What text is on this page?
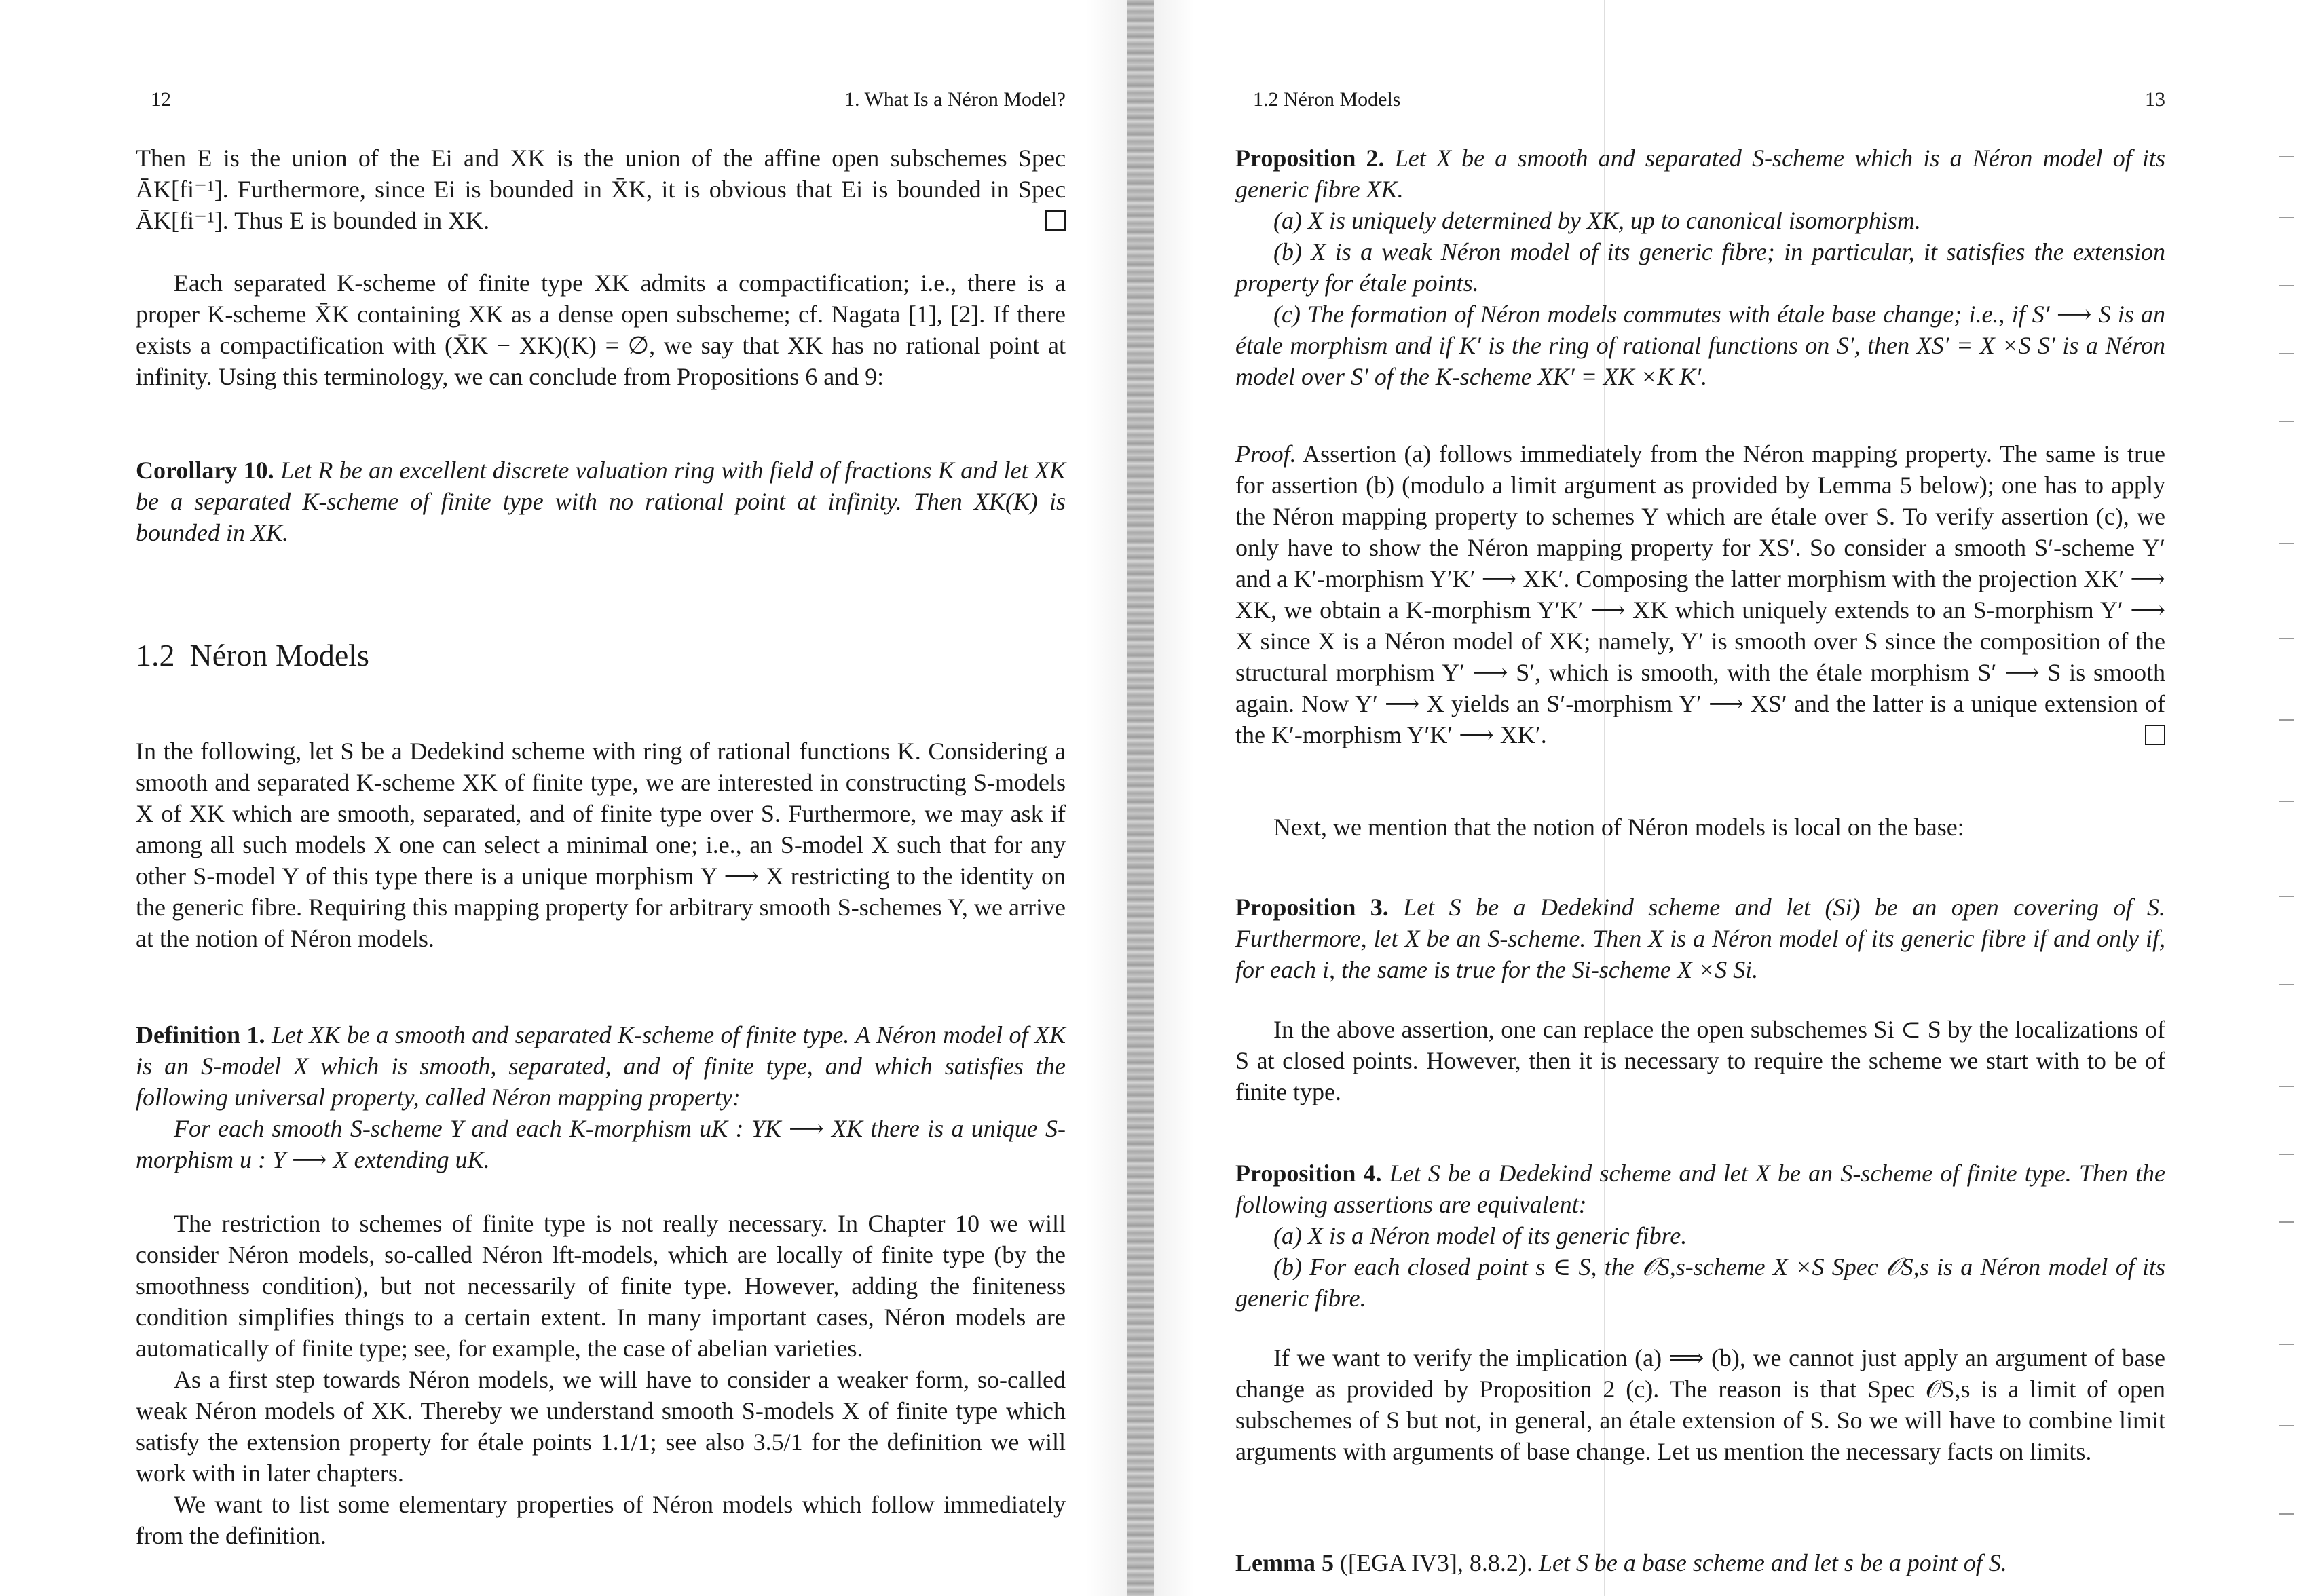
12	1. What Is a Néron Model?

Then E is the union of the Ei and XK is the union of the affine open subschemes Spec ĀK[fi⁻¹]. Furthermore, since Ei is bounded in X̄K, it is obvious that Ei is bounded in Spec ĀK[fi⁻¹]. Thus E is bounded in XK.

Each separated K-scheme of finite type XK admits a compactification; i.e., there is a proper K-scheme X̄K containing XK as a dense open subscheme; cf. Nagata [1], [2]. If there exists a compactification with (X̄K − XK)(K) = ∅, we say that XK has no rational point at infinity. Using this terminology, we can conclude from Propositions 6 and 9:

Corollary 10. Let R be an excellent discrete valuation ring with field of fractions K and let XK be a separated K-scheme of finite type with no rational point at infinity. Then XK(K) is bounded in XK.

1.2 Néron Models

In the following, let S be a Dedekind scheme with ring of rational functions K. Considering a smooth and separated K-scheme XK of finite type, we are interested in constructing S-models X of XK which are smooth, separated, and of finite type over S. Furthermore, we may ask if among all such models X one can select a minimal one; i.e., an S-model X such that for any other S-model Y of this type there is a unique morphism Y ⟶ X restricting to the identity on the generic fibre. Requiring this mapping property for arbitrary smooth S-schemes Y, we arrive at the notion of Néron models.

Definition 1. Let XK be a smooth and separated K-scheme of finite type. A Néron model of XK is an S-model X which is smooth, separated, and of finite type, and which satisfies the following universal property, called Néron mapping property:

For each smooth S-scheme Y and each K-morphism uK : YK ⟶ XK there is a unique S-morphism u : Y ⟶ X extending uK.

The restriction to schemes of finite type is not really necessary. In Chapter 10 we will consider Néron models, so-called Néron lft-models, which are locally of finite type (by the smoothness condition), but not necessarily of finite type. However, adding the finiteness condition simplifies things to a certain extent. In many important cases, Néron models are automatically of finite type; see, for example, the case of abelian varieties.

As a first step towards Néron models, we will have to consider a weaker form, so-called weak Néron models of XK. Thereby we understand smooth S-models X of finite type which satisfy the extension property for étale points 1.1/1; see also 3.5/1 for the definition we will work with in later chapters.

We want to list some elementary properties of Néron models which follow immediately from the definition.

1.2 Néron Models	13

Proposition 2. Let X be a smooth and separated S-scheme which is a Néron model of its generic fibre XK.

(a) X is uniquely determined by XK, up to canonical isomorphism.

(b) X is a weak Néron model of its generic fibre; in particular, it satisfies the extension property for étale points.

(c) The formation of Néron models commutes with étale base change; i.e., if S′ ⟶ S is an étale morphism and if K′ is the ring of rational functions on S′, then XS′ = X ×S S′ is a Néron model over S′ of the K-scheme XK′ = XK ×K K′.

Proof. Assertion (a) follows immediately from the Néron mapping property. The same is true for assertion (b) (modulo a limit argument as provided by Lemma 5 below); one has to apply the Néron mapping property to schemes Y which are étale over S. To verify assertion (c), we only have to show the Néron mapping property for XS′. So consider a smooth S′-scheme Y′ and a K′-morphism Y′K′ ⟶ XK′. Composing the latter morphism with the projection XK′ ⟶ XK, we obtain a K-morphism Y′K′ ⟶ XK which uniquely extends to an S-morphism Y′ ⟶ X since X is a Néron model of XK; namely, Y′ is smooth over S since the composition of the structural morphism Y′ ⟶ S′, which is smooth, with the étale morphism S′ ⟶ S is smooth again. Now Y′ ⟶ X yields an S′-morphism Y′ ⟶ XS′ and the latter is a unique extension of the K′-morphism Y′K′ ⟶ XK′.

Next, we mention that the notion of Néron models is local on the base:

Proposition 3. Let S be a Dedekind scheme and let (Si) be an open covering of S. Furthermore, let X be an S-scheme. Then X is a Néron model of its generic fibre if and only if, for each i, the same is true for the Si-scheme X ×S Si.

In the above assertion, one can replace the open subschemes Si ⊂ S by the localizations of S at closed points. However, then it is necessary to require the scheme we start with to be of finite type.

Proposition 4. Let S be a Dedekind scheme and let X be an S-scheme of finite type. Then the following assertions are equivalent:

(a) X is a Néron model of its generic fibre.

(b) For each closed point s ∈ S, the 𝒪S,s-scheme X ×S Spec 𝒪S,s is a Néron model of its generic fibre.

If we want to verify the implication (a) ⟹ (b), we cannot just apply an argument of base change as provided by Proposition 2 (c). The reason is that Spec 𝒪S,s is a limit of open subschemes of S but not, in general, an étale extension of S. So we will have to combine limit arguments with arguments of base change. Let us mention the necessary facts on limits.

Lemma 5 ([EGA IV3], 8.8.2). Let S be a base scheme and let s be a point of S.
